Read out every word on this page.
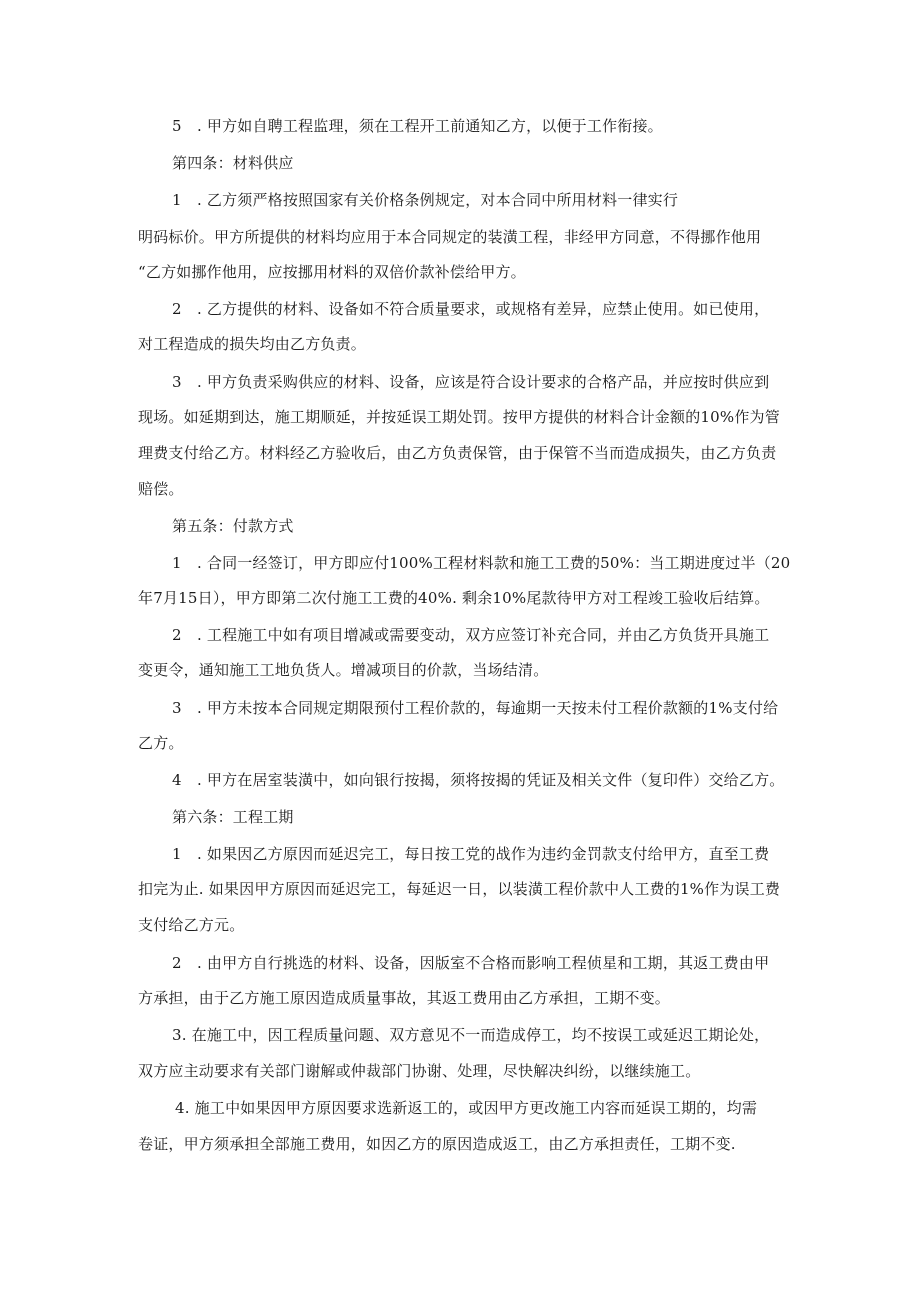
5　. 甲方如自聘工程监理，须在工程开工前通知乙方，以便于工作衔接。
第四条：材料供应
1　. 乙方须严格按照国家有关价格条例规定，对本合同中所用材料一律实行
明码标价。甲方所提供的材料均应用于本合同规定的装潢工程，非经甲方同意，不得挪作他用
“乙方如挪作他用，应按挪用材料的双倍价款补偿给甲方。
2　. 乙方提供的材料、设备如不符合质量要求，或规格有差异，应禁止使用。如已使用，
对工程造成的损失均由乙方负责。
3　. 甲方负责采购供应的材料、设备，应该是符合设计要求的合格产品，并应按时供应到
现场。如延期到达，施工期顺延，并按延误工期处罚。按甲方提供的材料合计金额的10%作为管
理费支付给乙方。材料经乙方验收后，由乙方负责保管，由于保管不当而造成损失，由乙方负责
赔偿。
第五条：付款方式
1　. 合同一经签订，甲方即应付100%工程材料款和施工工费的50%：当工期进度过半（20
年7月15日），甲方即第二次付施工工费的40%. 剩余10%尾款待甲方对工程竣工验收后结算。
2　. 工程施工中如有项目增减或需要变动，双方应签订补充合同，并由乙方负货开具施工
变更令，通知施工工地负货人。增减项目的价款，当场结清。
3　. 甲方未按本合同规定期限预付工程价款的，每逾期一天按未付工程价款额的1%支付给
乙方。
4　. 甲方在居室装潢中，如向银行按揭，须将按揭的凭证及相关文件（复印件）交给乙方。
第六条：工程工期
1　. 如果因乙方原因而延迟完工，每日按工党的战作为违约金罚款支付给甲方，直至工费
扣完为止. 如果因甲方原因而延迟完工，每延迟一日，以装潢工程价款中人工费的1%作为误工费
支付给乙方元。
2　. 由甲方自行挑选的材料、设备，因版室不合格而影响工程侦星和工期，其返工费由甲
方承担，由于乙方施工原因造成质量事故，其返工费用由乙方承担，工期不变。
3. 在施工中，因工程质量问题、双方意见不一而造成停工，均不按误工或延迟工期论处，
双方应主动要求有关部门谢解或仲裁部门协谢、处理，尽快解决纠纷，以继续施工。
4. 施工中如果因甲方原因要求选新返工的，或因甲方更改施工内容而延误工期的，均需
卷证，甲方须承担全部施工费用，如因乙方的原因造成返工，由乙方承担责任，工期不变.
